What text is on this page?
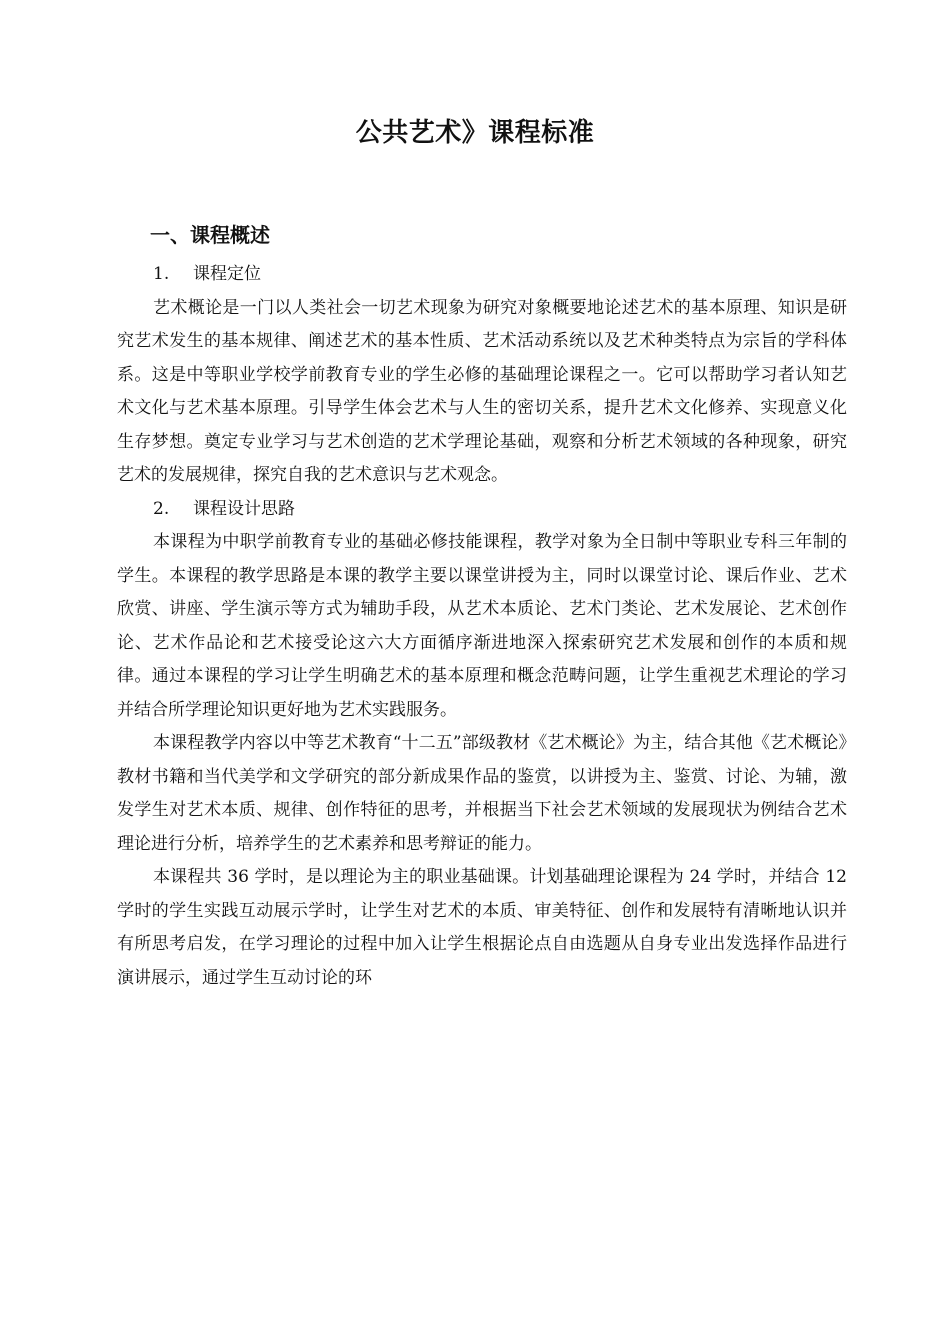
公共艺术》课程标准
一、课程概述

1. 课程定位

艺术概论是一门以人类社会一切艺术现象为研究对象概要地论述艺术的基本原理、知识是研究艺术发生的基本规律、阐述艺术的基本性质、艺术活动系统以及艺术种类特点为宗旨的学科体系。这是中等职业学校学前教育专业的学生必修的基础理论课程之一。它可以帮助学习者认知艺术文化与艺术基本原理。引导学生体会艺术与人生的密切关系，提升艺术文化修养、实现意义化生存梦想。奠定专业学习与艺术创造的艺术学理论基础，观察和分析艺术领域的各种现象，研究艺术的发展规律，探究自我的艺术意识与艺术观念。

2. 课程设计思路

本课程为中职学前教育专业的基础必修技能课程，教学对象为全日制中等职业专科三年制的学生。本课程的教学思路是本课的教学主要以课堂讲授为主，同时以课堂讨论、课后作业、艺术欣赏、讲座、学生演示等方式为辅助手段，从艺术本质论、艺术门类论、艺术发展论、艺术创作论、艺术作品论和艺术接受论这六大方面循序渐进地深入探索研究艺术发展和创作的本质和规律。通过本课程的学习让学生明确艺术的基本原理和概念范畴问题，让学生重视艺术理论的学习并结合所学理论知识更好地为艺术实践服务。

本课程教学内容以中等艺术教育“十二五”部级教材《艺术概论》为主，结合其他《艺术概论》教材书籍和当代美学和文学研究的部分新成果作品的鉴赏，以讲授为主、鉴赏、讨论、为辅，激发学生对艺术本质、规律、创作特征的思考，并根据当下社会艺术领域的发展现状为例结合艺术理论进行分析，培养学生的艺术素养和思考辩证的能力。

本课程共 36 学时，是以理论为主的职业基础课。计划基础理论课程为 24 学时，并结合 12 学时的学生实践互动展示学时，让学生对艺术的本质、审美特征、创作和发展特有清晰地认识并有所思考启发，在学习理论的过程中加入让学生根据论点自由选题从自身专业出发选择作品进行演讲展示，通过学生互动讨论的环
